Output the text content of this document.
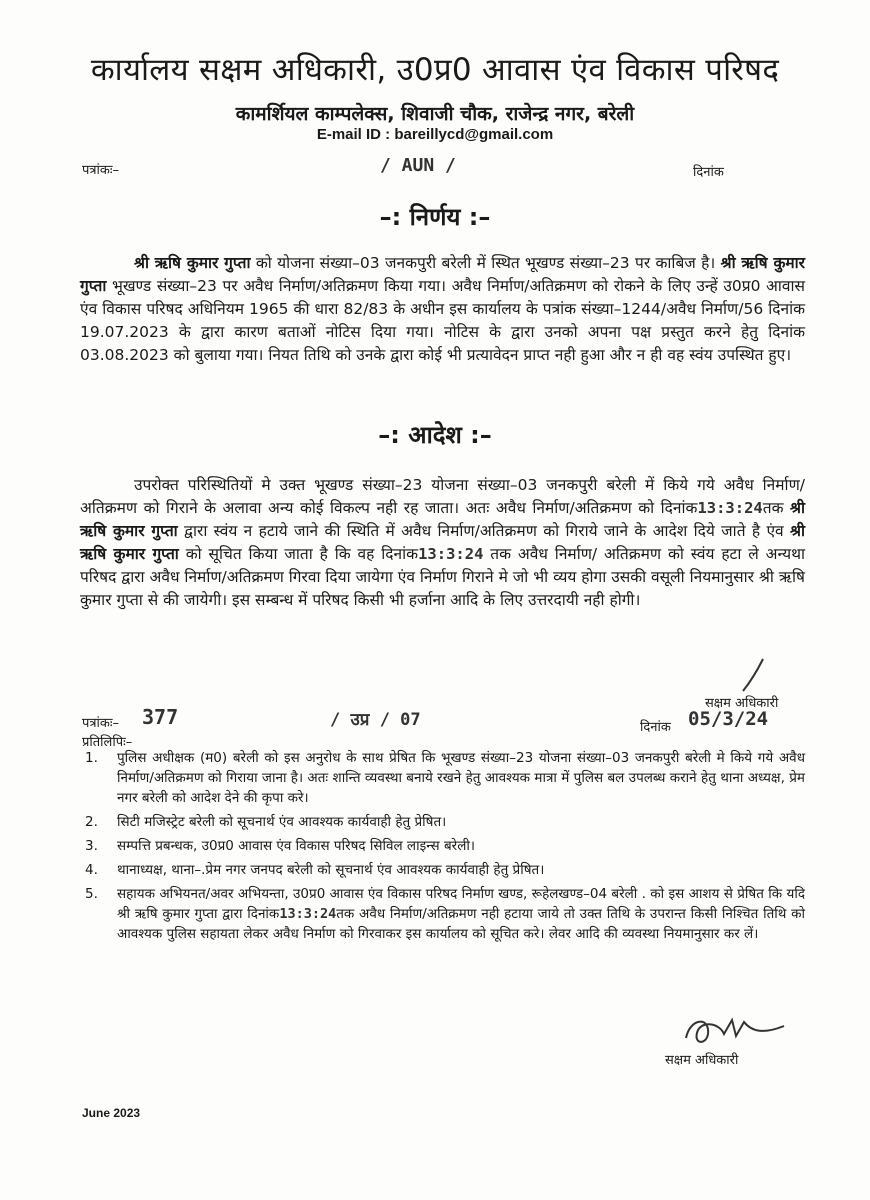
कार्यालय सक्षम अधिकारी, उ0प्र0 आवास एंव विकास परिषद
कामर्शियल काम्पलेक्स, शिवाजी चौक, राजेन्द्र नगर, बरेली
E-mail ID : bareillycd@gmail.com
पत्रांकः–	/ AUN /	दिनांक
–: निर्णय :–
श्री ऋषि कुमार गुप्ता को योजना संख्या–03 जनकपुरी बरेली में स्थित भूखण्ड संख्या–23 पर काबिज है। श्री ऋषि कुमार गुप्ता भूखण्ड संख्या–23 पर अवैध निर्माण/अतिक्रमण किया गया। अवैध निर्माण/अतिक्रमण को रोकने के लिए उन्हें उ0प्र0 आवास एंव विकास परिषद अधिनियम 1965 की धारा 82/83 के अधीन इस कार्यालय के पत्रांक संख्या–1244/अवैध निर्माण/56 दिनांक 19.07.2023 के द्वारा कारण बताओं नोटिस दिया गया। नोटिस के द्वारा उनको अपना पक्ष प्रस्तुत करने हेतु दिनांक 03.08.2023 को बुलाया गया। नियत तिथि को उनके द्वारा कोई भी प्रत्यावेदन प्राप्त नही हुआ और न ही वह स्वंय उपस्थित हुए।
–: आदेश :–
उपरोक्त परिस्थितियों मे उक्त भूखण्ड संख्या–23 योजना संख्या–03 जनकपुरी बरेली में किये गये अवैध निर्माण/अतिक्रमण को गिराने के अलावा अन्य कोई विकल्प नही रह जाता। अतः अवैध निर्माण/अतिक्रमण को दिनांक13:3:24तक श्री ऋषि कुमार गुप्ता द्वारा स्वंय न हटाये जाने की स्थिति में अवैध निर्माण/अतिक्रमण को गिराये जाने के आदेश दिये जाते है एंव श्री ऋषि कुमार गुप्ता को सूचित किया जाता है कि वह दिनांक13:3:24 तक अवैध निर्माण/ अतिक्रमण को स्वंय हटा ले अन्यथा परिषद द्वारा अवैध निर्माण/अतिक्रमण गिरवा दिया जायेगा एंव निर्माण गिराने मे जो भी व्यय होगा उसकी वसूली नियमानुसार श्री ऋषि कुमार गुप्ता से की जायेगी। इस सम्बन्ध में परिषद किसी भी हर्जाना आदि के लिए उत्तरदायी नही होगी।
सक्षम अधिकारी
पत्रांकः– 377
प्रतिलिपिः–
/ उप्र / 07	दिनांक 05/3/24
1. पुलिस अधीक्षक (म0) बरेली को इस अनुरोध के साथ प्रेषित कि भूखण्ड संख्या–23 योजना संख्या–03 जनकपुरी बरेली मे किये गये अवैध निर्माण/अतिक्रमण को गिराया जाना है। अतः शान्ति व्यवस्था बनाये रखने हेतु आवश्यक मात्रा में पुलिस बल उपलब्ध कराने हेतु थाना अध्यक्ष, प्रेम नगर बरेली को आदेश देने की कृपा करे।
2. सिटी मजिस्ट्रेट बरेली को सूचनार्थ एंव आवश्यक कार्यवाही हेतु प्रेषित।
3. सम्पत्ति प्रबन्धक, उ0प्र0 आवास एंव विकास परिषद सिविल लाइन्स बरेली।
4. थानाध्यक्ष, थाना–.प्रेम नगर जनपद बरेली को सूचनार्थ एंव आवश्यक कार्यवाही हेतु प्रेषित।
5. सहायक अभियनत/अवर अभियन्ता, उ0प्र0 आवास एंव विकास परिषद निर्माण खण्ड, रूहेलखण्ड–04 बरेली . को इस आशय से प्रेषित कि यदि श्री ऋषि कुमार गुप्ता द्वारा दिनांक13:3:24तक अवैध निर्माण/अतिक्रमण नही हटाया जाये तो उक्त तिथि के उपरान्त किसी निश्चित तिथि को आवश्यक पुलिस सहायता लेकर अवैध निर्माण को गिरवाकर इस कार्यालय को सूचित करे। लेवर आदि की व्यवस्था नियमानुसार कर लें।
सक्षम अधिकारी
June 2023
